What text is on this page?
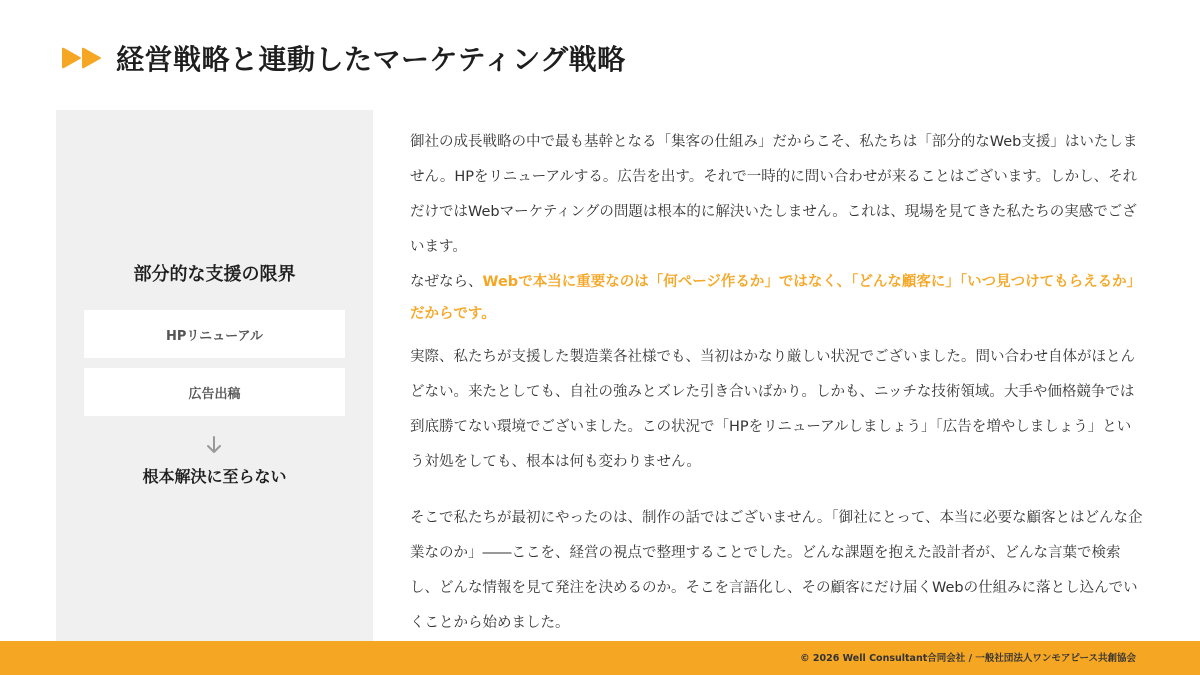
経営戦略と連動したマーケティング戦略
部分的な支援の限界
HPリニューアル
広告出稿
根本解決に至らない

御社の成長戦略の中で最も基幹となる「集客の仕組み」だからこそ、私たちは「部分的なWeb支援」はいたしません。HPをリニューアルする。広告を出す。それで一時的に問い合わせが来ることはございます。しかし、それだけではWebマーケティングの問題は根本的に解決いたしません。これは、現場を見てきた私たちの実感でございます。

なぜなら、Webで本当に重要なのは「何ページ作るか」ではなく、「どんな顧客に」「いつ見つけてもらえるか」だからです。

実際、私たちが支援した製造業各社様でも、当初はかなり厳しい状況でございました。問い合わせ自体がほとんどない。来たとしても、自社の強みとズレた引き合いばかり。しかも、ニッチな技術領域。大手や価格競争では到底勝てない環境でございました。この状況で「HPをリニューアルしましょう」「広告を増やしましょう」という対処をしても、根本は何も変わりません。

そこで私たちが最初にやったのは、制作の話ではございません。「御社にとって、本当に必要な顧客とはどんな企業なのか」――ここを、経営の視点で整理することでした。どんな課題を抱えた設計者が、どんな言葉で検索し、どんな情報を見て発注を決めるのか。そこを言語化し、その顧客にだけ届くWebの仕組みに落とし込んでいくことから始めました。

© 2026 Well Consultant合同会社 / 一般社団法人ワンモアピース共創協会
